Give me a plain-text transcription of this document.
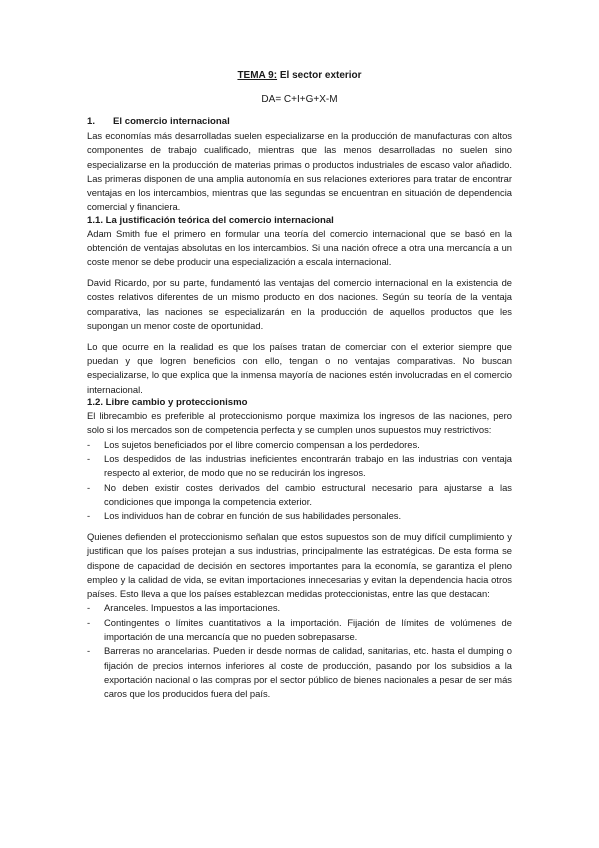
TEMA 9: El sector exterior
DA= C+I+G+X-M
1. El comercio internacional

Las economías más desarrolladas suelen especializarse en la producción de manufacturas con altos componentes de trabajo cualificado, mientras que las menos desarrolladas no suelen sino especializarse en la producción de materias primas o productos industriales de escaso valor añadido. Las primeras disponen de una amplia autonomía en sus relaciones exteriores para tratar de encontrar ventajas en los intercambios, mientras que las segundas se encuentran en situación de dependencia comercial y financiera.

1.1. La justificación teórica del comercio internacional

Adam Smith fue el primero en formular una teoría del comercio internacional que se basó en la obtención de ventajas absolutas en los intercambios. Si una nación ofrece a otra una mercancía a un coste menor se debe producir una especialización a escala internacional.

David Ricardo, por su parte, fundamentó las ventajas del comercio internacional en la existencia de costes relativos diferentes de un mismo producto en dos naciones. Según su teoría de la ventaja comparativa, las naciones se especializarán en la producción de aquellos productos que les supongan un menor coste de oportunidad.

Lo que ocurre en la realidad es que los países tratan de comerciar con el exterior siempre que puedan y que logren beneficios con ello, tengan o no ventajas comparativas. No buscan especializarse, lo que explica que la inmensa mayoría de naciones estén involucradas en el comercio internacional.

1.2. Libre cambio y proteccionismo

El librecambio es preferible al proteccionismo porque maximiza los ingresos de las naciones, pero solo si los mercados son de competencia perfecta y se cumplen unos supuestos muy restrictivos:

- Los sujetos beneficiados por el libre comercio compensan a los perdedores.
- Los despedidos de las industrias ineficientes encontrarán trabajo en las industrias con ventaja respecto al exterior, de modo que no se reducirán los ingresos.
- No deben existir costes derivados del cambio estructural necesario para ajustarse a las condiciones que imponga la competencia exterior.
- Los individuos han de cobrar en función de sus habilidades personales.

Quienes defienden el proteccionismo señalan que estos supuestos son de muy difícil cumplimiento y justifican que los países protejan a sus industrias, principalmente las estratégicas. De esta forma se dispone de capacidad de decisión en sectores importantes para la economía, se garantiza el pleno empleo y la calidad de vida, se evitan importaciones innecesarias y evitan la dependencia hacia otros países. Esto lleva a que los países establezcan medidas proteccionistas, entre las que destacan:

- Aranceles. Impuestos a las importaciones.
- Contingentes o límites cuantitativos a la importación. Fijación de límites de volúmenes de importación de una mercancía que no pueden sobrepasarse.
- Barreras no arancelarias. Pueden ir desde normas de calidad, sanitarias, etc. hasta el dumping o fijación de precios internos inferiores al coste de producción, pasando por los subsidios a la exportación nacional o las compras por el sector público de bienes nacionales a pesar de ser más caros que los producidos fuera del país.
